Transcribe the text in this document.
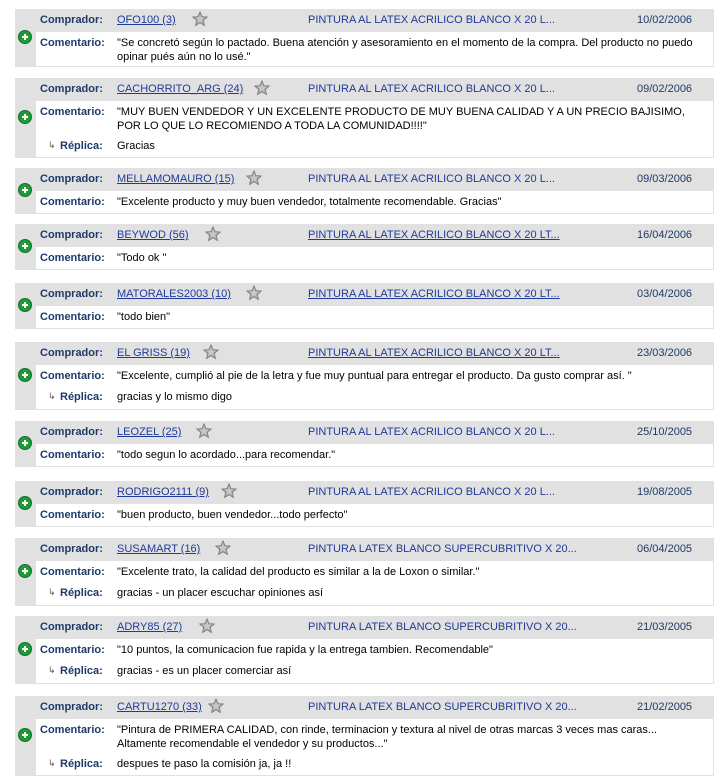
Comprador: OFO100 (3)	PINTURA AL LATEX ACRILICO BLANCO X 20 L...	10/02/2006
Comentario: "Se concretó según lo pactado. Buena atención y asesoramiento en el momento de la compra. Del producto no puedo opinar pués aún no lo usé."
Comprador: CACHORRITO_ARG (24)	PINTURA AL LATEX ACRILICO BLANCO X 20 L...	09/02/2006
Comentario: "MUY BUEN VENDEDOR Y UN EXCELENTE PRODUCTO DE MUY BUENA CALIDAD Y A UN PRECIO BAJISIMO, POR LO QUE LO RECOMIENDO A TODA LA COMUNIDAD!!!!"
↳ Réplica: Gracias
Comprador: MELLAMOMAURO (15)	PINTURA AL LATEX ACRILICO BLANCO X 20 L...	09/03/2006
Comentario: "Excelente producto y muy buen vendedor, totalmente recomendable. Gracias"
Comprador: BEYWOD (56)	PINTURA AL LATEX ACRILICO BLANCO X 20 LT...	16/04/2006
Comentario: "Todo ok "
Comprador: MATORALES2003 (10)	PINTURA AL LATEX ACRILICO BLANCO X 20 LT...	03/04/2006
Comentario: "todo bien"
Comprador: EL GRISS (19)	PINTURA AL LATEX ACRILICO BLANCO X 20 LT...	23/03/2006
Comentario: "Excelente, cumplió al pie de la letra y fue muy puntual para entregar el producto. Da gusto comprar así. "
↳ Réplica: gracias y lo mismo digo
Comprador: LEOZEL (25)	PINTURA AL LATEX ACRILICO BLANCO X 20 L...	25/10/2005
Comentario: "todo segun lo acordado...para recomendar."
Comprador: RODRIGO2111 (9)	PINTURA AL LATEX ACRILICO BLANCO X 20 L...	19/08/2005
Comentario: "buen producto, buen vendedor...todo perfecto"
Comprador: SUSAMART (16)	PINTURA LATEX BLANCO SUPERCUBRITIVO X 20...	06/04/2005
Comentario: "Excelente trato, la calidad del producto es similar a la de Loxon o similar."
↳ Réplica: gracias - un placer escuchar opiniones así
Comprador: ADRY85 (27)	PINTURA LATEX BLANCO SUPERCUBRITIVO X 20...	21/03/2005
Comentario: "10 puntos, la comunicacion fue rapida y la entrega tambien. Recomendable"
↳ Réplica: gracias - es un placer comerciar así
Comprador: CARTU1270 (33)	PINTURA LATEX BLANCO SUPERCUBRITIVO X 20...	21/02/2005
Comentario: "Pintura de PRIMERA CALIDAD, con rinde, terminacion y textura al nivel de otras marcas 3 veces mas caras... Altamente recomendable el vendedor y su productos..."
↳ Réplica: despues te paso la comisión ja, ja !!
